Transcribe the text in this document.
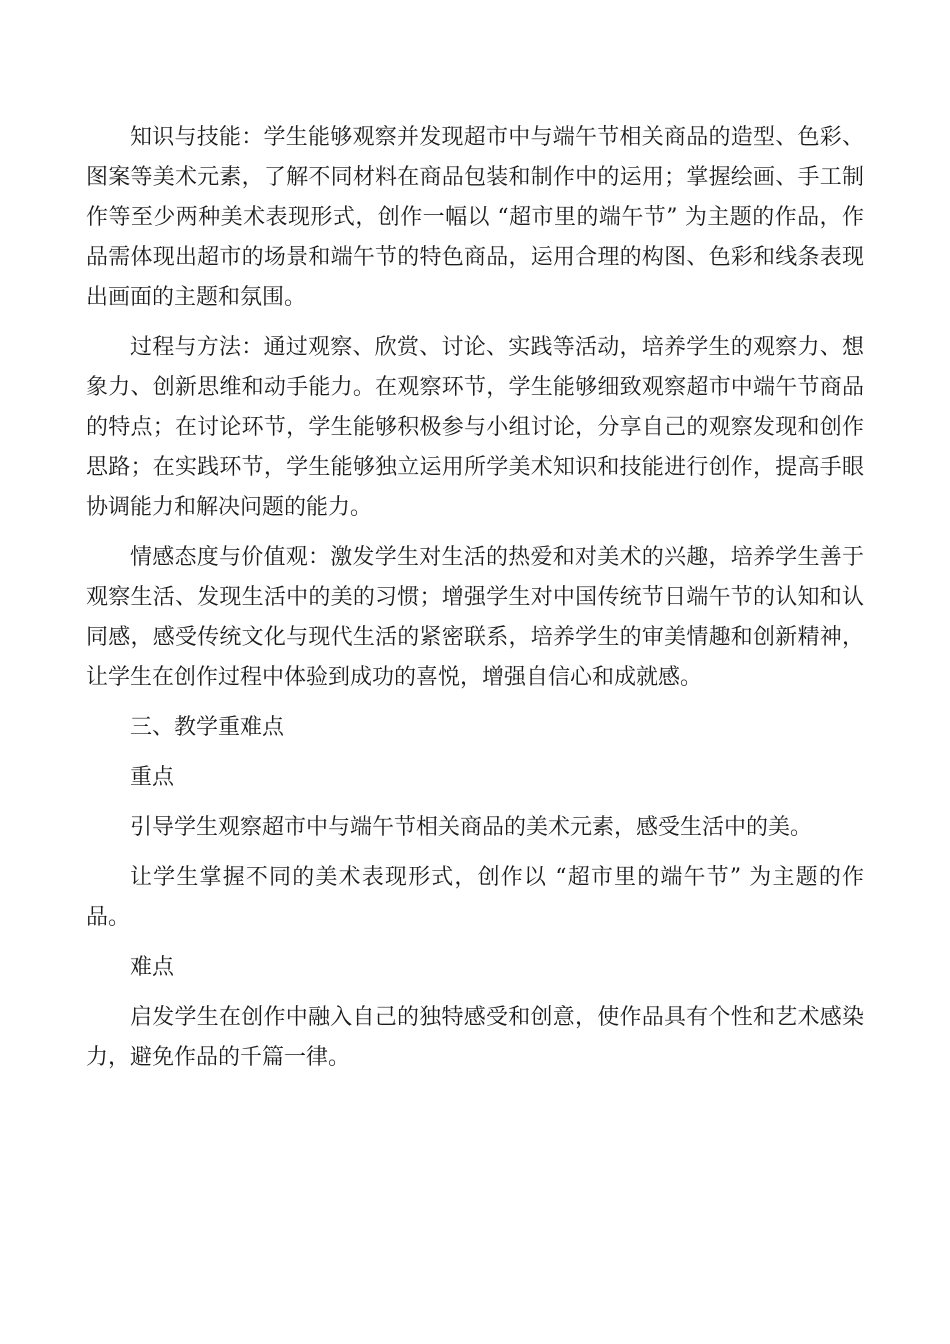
知识与技能：学生能够观察并发现超市中与端午节相关商品的造型、色彩、图案等美术元素，了解不同材料在商品包装和制作中的运用；掌握绘画、手工制作等至少两种美术表现形式，创作一幅以 “超市里的端午节” 为主题的作品，作品需体现出超市的场景和端午节的特色商品，运用合理的构图、色彩和线条表现出画面的主题和氛围。

过程与方法：通过观察、欣赏、讨论、实践等活动，培养学生的观察力、想象力、创新思维和动手能力。在观察环节，学生能够细致观察超市中端午节商品的特点；在讨论环节，学生能够积极参与小组讨论，分享自己的观察发现和创作思路；在实践环节，学生能够独立运用所学美术知识和技能进行创作，提高手眼协调能力和解决问题的能力。

情感态度与价值观：激发学生对生活的热爱和对美术的兴趣，培养学生善于观察生活、发现生活中的美的习惯；增强学生对中国传统节日端午节的认知和认同感，感受传统文化与现代生活的紧密联系，培养学生的审美情趣和创新精神，让学生在创作过程中体验到成功的喜悦，增强自信心和成就感。

三、教学重难点

重点

引导学生观察超市中与端午节相关商品的美术元素，感受生活中的美。

让学生掌握不同的美术表现形式，创作以 “超市里的端午节” 为主题的作品。

难点

启发学生在创作中融入自己的独特感受和创意，使作品具有个性和艺术感染力，避免作品的千篇一律。
